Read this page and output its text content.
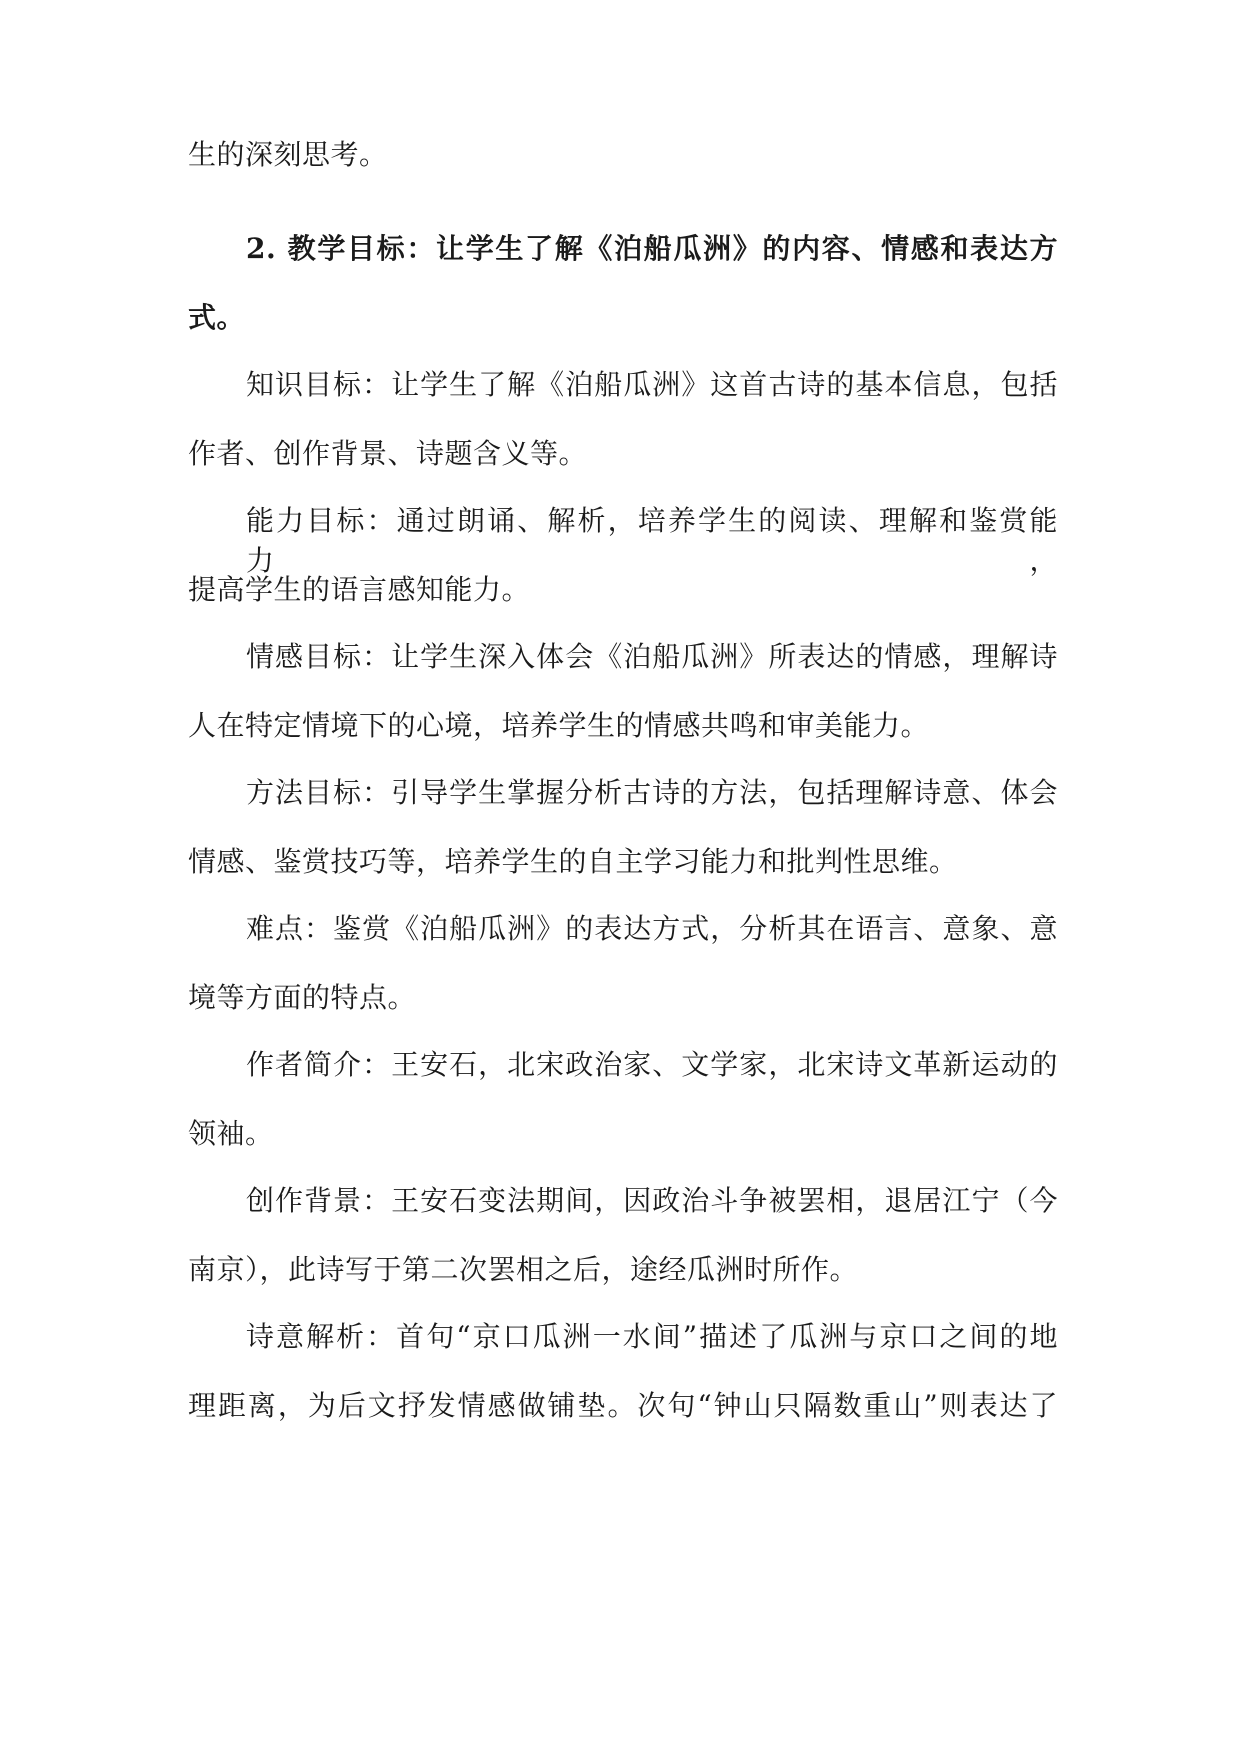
生的深刻思考。
2. 教学目标：让学生了解《泊船瓜洲》的内容、情感和表达方
式。
知识目标：让学生了解《泊船瓜洲》这首古诗的基本信息，包括
作者、创作背景、诗题含义等。
能力目标：通过朗诵、解析，培养学生的阅读、理解和鉴赏能力，
提高学生的语言感知能力。
情感目标：让学生深入体会《泊船瓜洲》所表达的情感，理解诗
人在特定情境下的心境，培养学生的情感共鸣和审美能力。
方法目标：引导学生掌握分析古诗的方法，包括理解诗意、体会
情感、鉴赏技巧等，培养学生的自主学习能力和批判性思维。
难点：鉴赏《泊船瓜洲》的表达方式，分析其在语言、意象、意
境等方面的特点。
作者简介：王安石，北宋政治家、文学家，北宋诗文革新运动的
领袖。
创作背景：王安石变法期间，因政治斗争被罢相，退居江宁（今
南京），此诗写于第二次罢相之后，途经瓜洲时所作。
诗意解析：首句“京口瓜洲一水间”描述了瓜洲与京口之间的地
理距离，为后文抒发情感做铺垫。次句“钟山只隔数重山”则表达了
